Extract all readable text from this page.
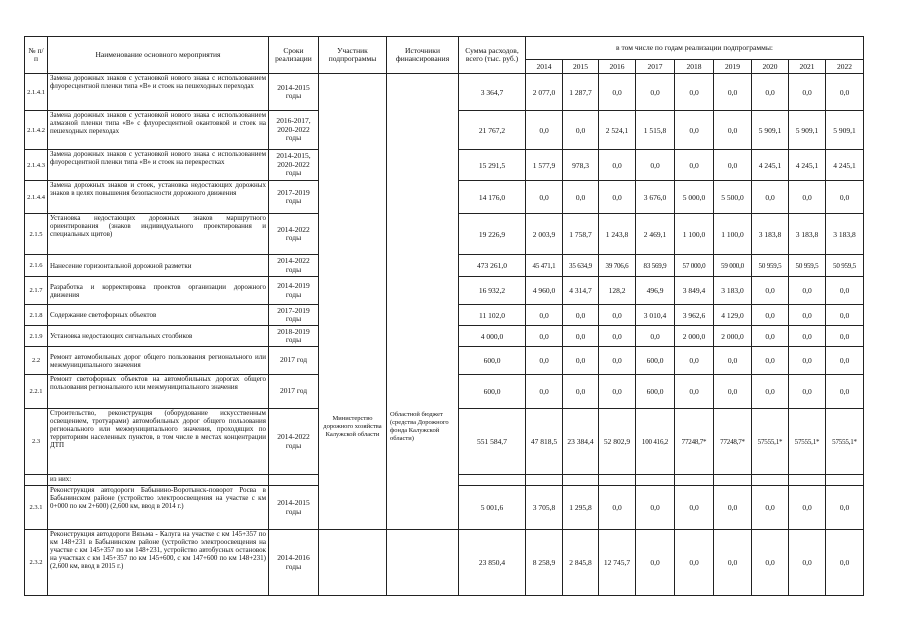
№ п/п	Наименование основного мероприятия	Сроки реализации	Участник подпрограммы	Источники финансирования	Сумма расходов, всего (тыс. руб.)	в том числе по годам реализации подпрограммы:								
						2014	2015	2016	2017	2018	2019	2020	2021	2022
2.1.4.1	Замена дорожных знаков с установкой нового знака с использованием флуоресцентной пленки типа «В» и стоек на пешеходных переходах	2014-2015 годы	Министерство дорожного хозяйства Калужской области	Областной бюджет (средства Дорожного фонда Калужской области)	3 364,7	2 077,0	1 287,7	0,0	0,0	0,0	0,0	0,0	0,0	0,0
2.1.4.2	Замена дорожных знаков с установкой нового знака с использованием алмазной пленки типа «В» с флуоресцентной окантовкой и стоек на пешеходных переходах	2016-2017, 2020-2022 годы			21 767,2	0,0	0,0	2 524,1	1 515,8	0,0	0,0	5 909,1	5 909,1	5 909,1
2.1.4.3	Замена дорожных знаков с установкой нового знака с использованием флуоресцентной пленки типа «В» и стоек на перекрестках	2014-2015, 2020-2022 годы			15 291,5	1 577,9	978,3	0,0	0,0	0,0	0,0	4 245,1	4 245,1	4 245,1
2.1.4.4	Замена дорожных знаков и стоек, установка недостающих дорожных знаков в целях повышения безопасности дорожного движения	2017-2019 годы			14 176,0	0,0	0,0	0,0	3 676,0	5 000,0	5 500,0	0,0	0,0	0,0
2.1.5	Установка недостающих дорожных знаков маршрутного ориентирования (знаков индивидуального проектирования и специальных щитов)	2014-2022 годы			19 226,9	2 003,9	1 758,7	1 243,8	2 469,1	1 100,0	1 100,0	3 183,8	3 183,8	3 183,8
2.1.6	Нанесение горизонтальной дорожной разметки	2014-2022 годы			473 261,0	45 471,1	35 634,9	39 706,6	83 569,9	57 000,0	59 000,0	50 959,5	50 959,5	50 959,5
2.1.7	Разработка и корректировка проектов организации дорожного движения	2014-2019 годы			16 932,2	4 960,0	4 314,7	128,2	496,9	3 849,4	3 183,0	0,0	0,0	0,0
2.1.8	Содержание светофорных объектов	2017-2019 годы			11 102,0	0,0	0,0	0,0	3 010,4	3 962,6	4 129,0	0,0	0,0	0,0
2.1.9	Установка недостающих сигнальных столбиков	2018-2019 годы			4 000,0	0,0	0,0	0,0	0,0	2 000,0	2 000,0	0,0	0,0	0,0
2.2	Ремонт автомобильных дорог общего пользования регионального или межмуниципального значения	2017 год			600,0	0,0	0,0	0,0	600,0	0,0	0,0	0,0	0,0	0,0
2.2.1	Ремонт светофорных объектов на автомобильных дорогах общего пользования регионального или межмуниципального значения	2017 год			600,0	0,0	0,0	0,0	600,0	0,0	0,0	0,0	0,0	0,0
2.3	Строительство, реконструкция (оборудование искусственным освещением, тротуарами) автомобильных дорог общего пользования регионального или межмуниципального значения, проходящих по территориям населенных пунктов, в том числе в местах концентрации ДТП	2014-2022 годы			551 584,7	47 818,5	23 384,4	52 802,9	100 416,2	77248,7*	77248,7*	57555,1*	57555,1*	57555,1*
	из них:													
2.3.1	Реконструкция автодороги Бабынино-Воротынск-поворот Росва в Бабынинском районе (устройство электроосвещения на участке с км 0+000 по км 2+600) (2,600 км, ввод в 2014 г.)	2014-2015 годы			5 001,6	3 705,8	1 295,8	0,0	0,0	0,0	0,0	0,0	0,0	0,0
2.3.2	Реконструкция автодороги Вязьма - Калуга на участке с км 145+357 по км 148+231 в Бабынинском районе (устройство электроосвещения на участке с км 145+357 по км 148+231, устройство автобусных остановок на участках с км 145+357 по км 145+600, с км 147+600 по км 148+231) (2,600 км, ввод в 2015 г.)	2014-2016 годы			23 850,4	8 258,9	2 845,8	12 745,7	0,0	0,0	0,0	0,0	0,0	0,0
